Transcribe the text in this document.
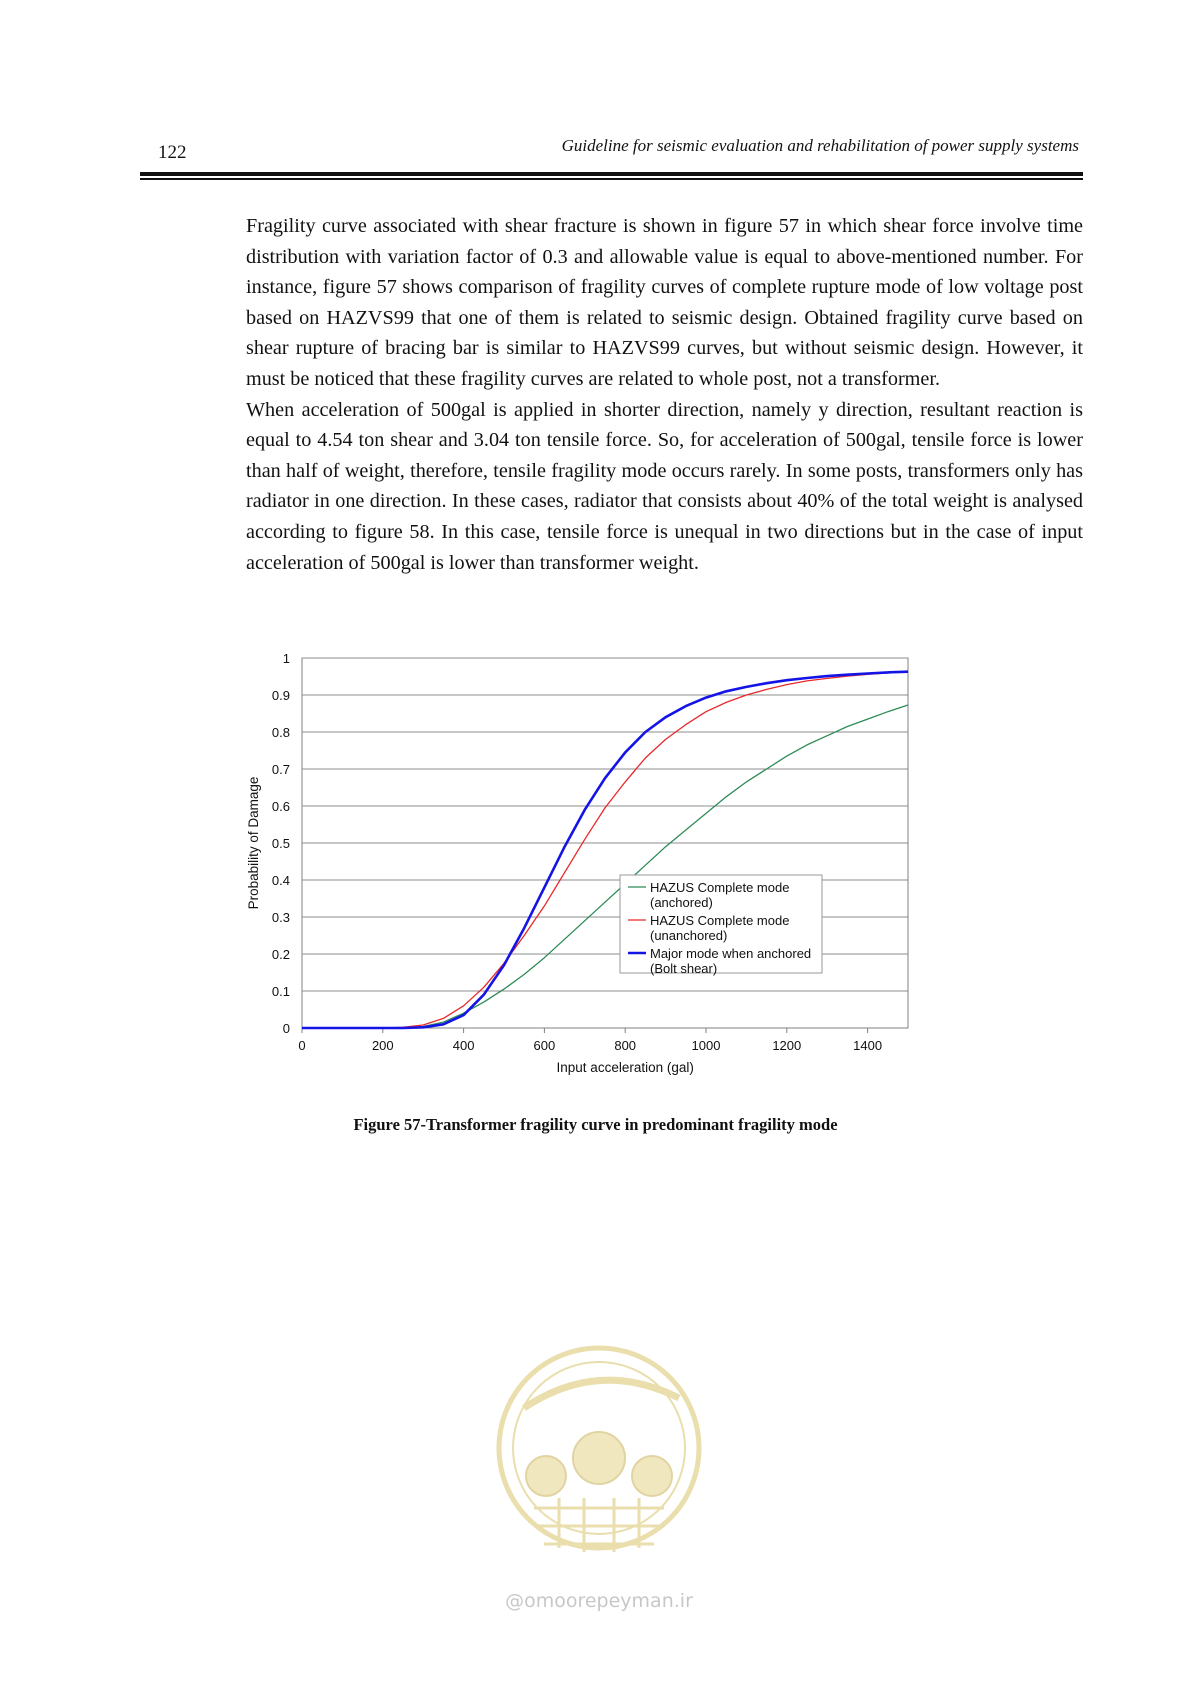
122	Guideline for seismic evaluation and rehabilitation of power supply systems

Fragility curve associated with shear fracture is shown in figure 57 in which shear force involve time distribution with variation factor of 0.3 and allowable value is equal to above-mentioned number. For instance, figure 57 shows comparison of fragility curves of complete rupture mode of low voltage post based on HAZVS99 that one of them is related to seismic design. Obtained fragility curve based on shear rupture of bracing bar is similar to HAZVS99 curves, but without seismic design. However, it must be noticed that these fragility curves are related to whole post, not a transformer.

When acceleration of 500gal is applied in shorter direction, namely y direction, resultant reaction is equal to 4.54 ton shear and 3.04 ton tensile force. So, for acceleration of 500gal, tensile force is lower than half of weight, therefore, tensile fragility mode occurs rarely. In some posts, transformers only has radiator in one direction. In these cases, radiator that consists about 40% of the total weight is analysed according to figure 58. In this case, tensile force is unequal in two directions but in the case of input acceleration of 500gal is lower than transformer weight.

0
0.1
0.2
0.3
0.4
0.5
0.6
0.7
0.8
0.9
1
0	200	400	600	800	1000	1200	1400
Input acceleration (gal)
Probability of Damage	HAZUS Complete mode
(anchored)
HAZUS Complete mode
(unanchored)
Major mode when anchored
(Bolt shear)
Figure 57-Transformer fragility curve in predominant fragility mode
@omoorepeyman.ir
